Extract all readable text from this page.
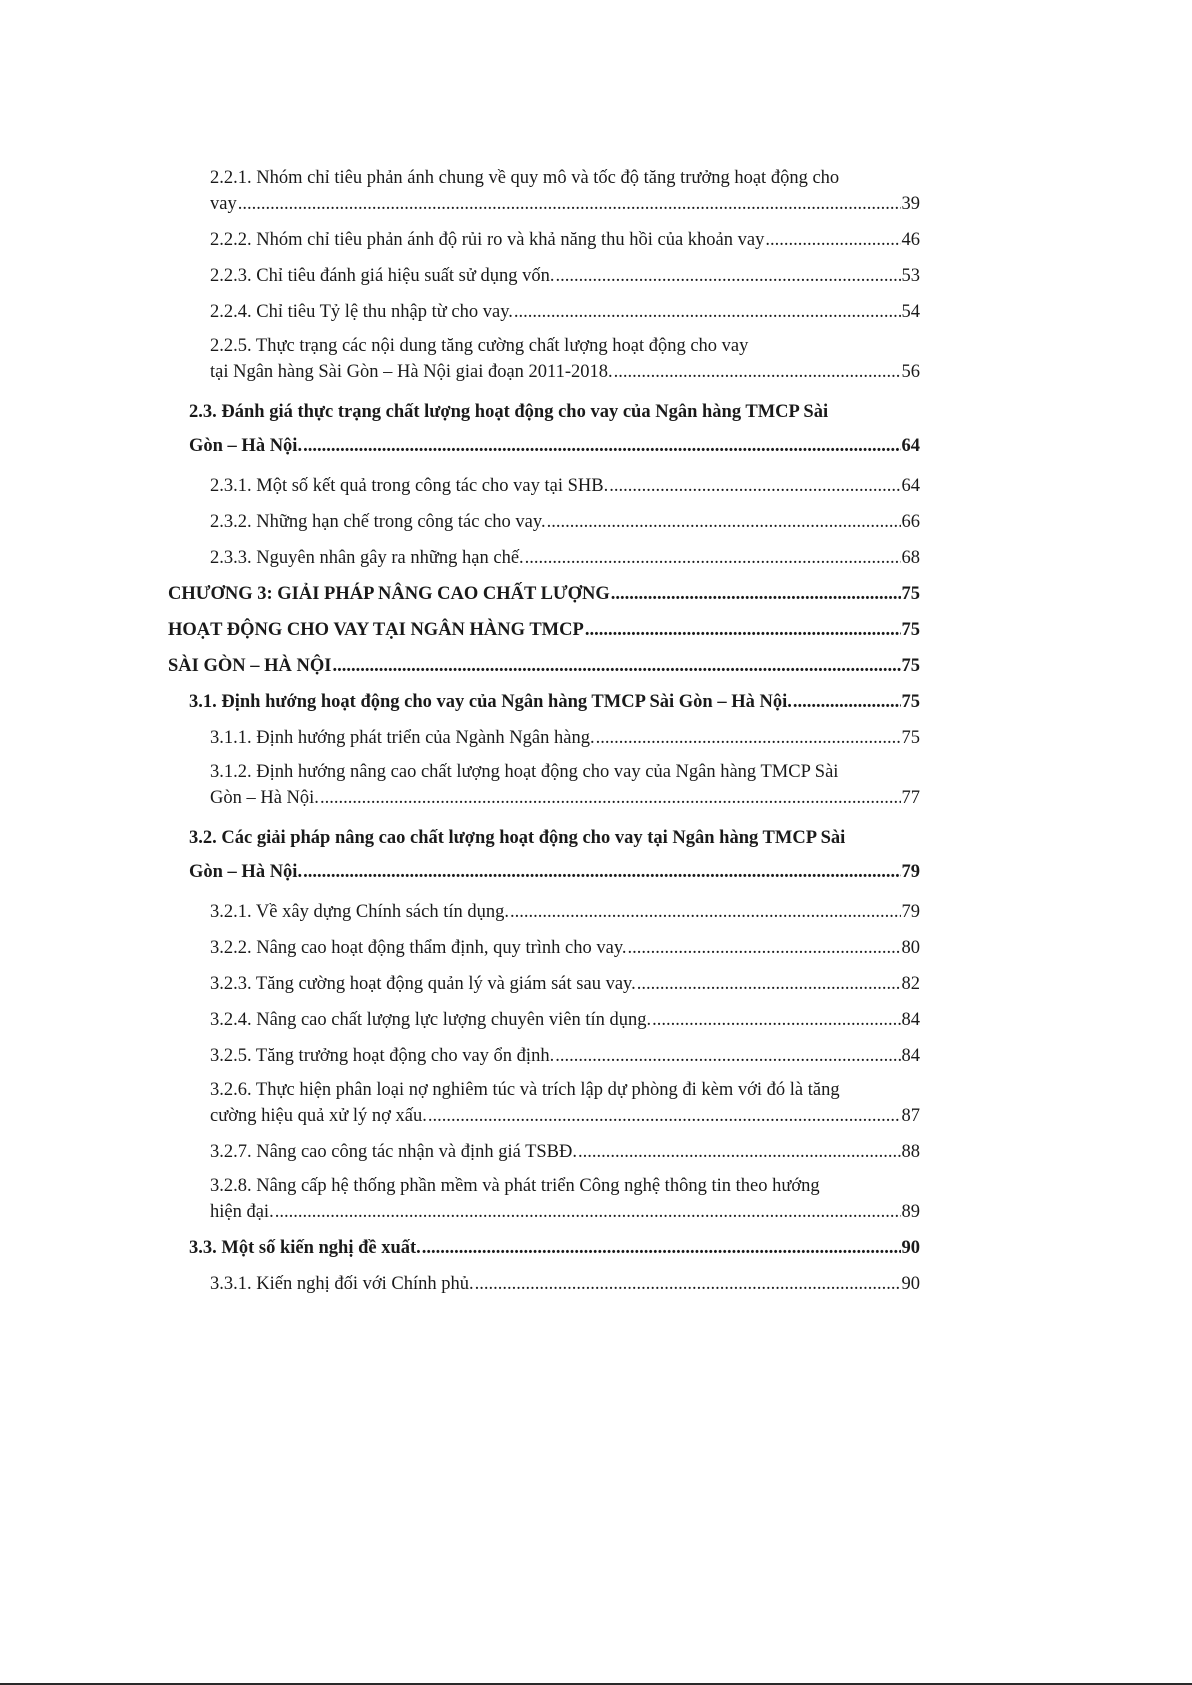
2.2.1. Nhóm chỉ tiêu phản ánh chung về quy mô và tốc độ tăng trưởng hoạt động cho
vay .....	39
2.2.2. Nhóm chỉ tiêu phản ánh độ rủi ro và khả năng thu hồi của khoản vay .....	46
2.2.3. Chỉ tiêu đánh giá hiệu suất sử dụng vốn. .....	53
2.2.4. Chỉ tiêu Tỷ lệ thu nhập từ cho vay. .....	54
2.2.5. Thực trạng các nội dung tăng cường chất lượng hoạt động cho vay
tại Ngân hàng Sài Gòn – Hà Nội giai đoạn 2011-2018. .....	56
2.3. Đánh giá thực trạng chất lượng hoạt động cho vay của Ngân hàng TMCP Sài
Gòn – Hà Nội. .....	64
2.3.1. Một số kết quả trong công tác cho vay tại SHB. .....	64
2.3.2. Những hạn chế trong công tác cho vay. .....	66
2.3.3. Nguyên nhân gây ra những hạn chế. .....	68
CHƯƠNG 3: GIẢI PHÁP NÂNG CAO CHẤT LƯỢNG .....	75
HOẠT ĐỘNG CHO VAY TẠI NGÂN HÀNG TMCP .....	75
SÀI GÒN – HÀ NỘI .....	75
3.1. Định hướng hoạt động cho vay của Ngân hàng TMCP Sài Gòn – Hà Nội. .....	75
3.1.1. Định hướng phát triển của Ngành Ngân hàng. .....	75
3.1.2. Định hướng nâng cao chất lượng hoạt động cho vay của Ngân hàng TMCP Sài
Gòn – Hà Nội. .....	77
3.2. Các giải pháp nâng cao chất lượng hoạt động cho vay tại Ngân hàng TMCP Sài
Gòn – Hà Nội. .....	79
3.2.1. Về xây dựng Chính sách tín dụng. .....	79
3.2.2. Nâng cao hoạt động thẩm định, quy trình cho vay. .....	80
3.2.3. Tăng cường hoạt động quản lý và giám sát sau vay. .....	82
3.2.4. Nâng cao chất lượng lực lượng chuyên viên tín dụng. .....	84
3.2.5. Tăng trưởng hoạt động cho vay ổn định. .....	84
3.2.6. Thực hiện phân loại nợ nghiêm túc và trích lập dự phòng đi kèm với đó là tăng
cường hiệu quả xử lý nợ xấu. .....	87
3.2.7. Nâng cao công tác nhận và định giá TSBĐ. .....	88
3.2.8. Nâng cấp hệ thống phần mềm và phát triển Công nghệ thông tin theo hướng
hiện đại. .....	89
3.3. Một số kiến nghị đề xuất. .....	90
3.3.1. Kiến nghị đối với Chính phủ. .....	90
